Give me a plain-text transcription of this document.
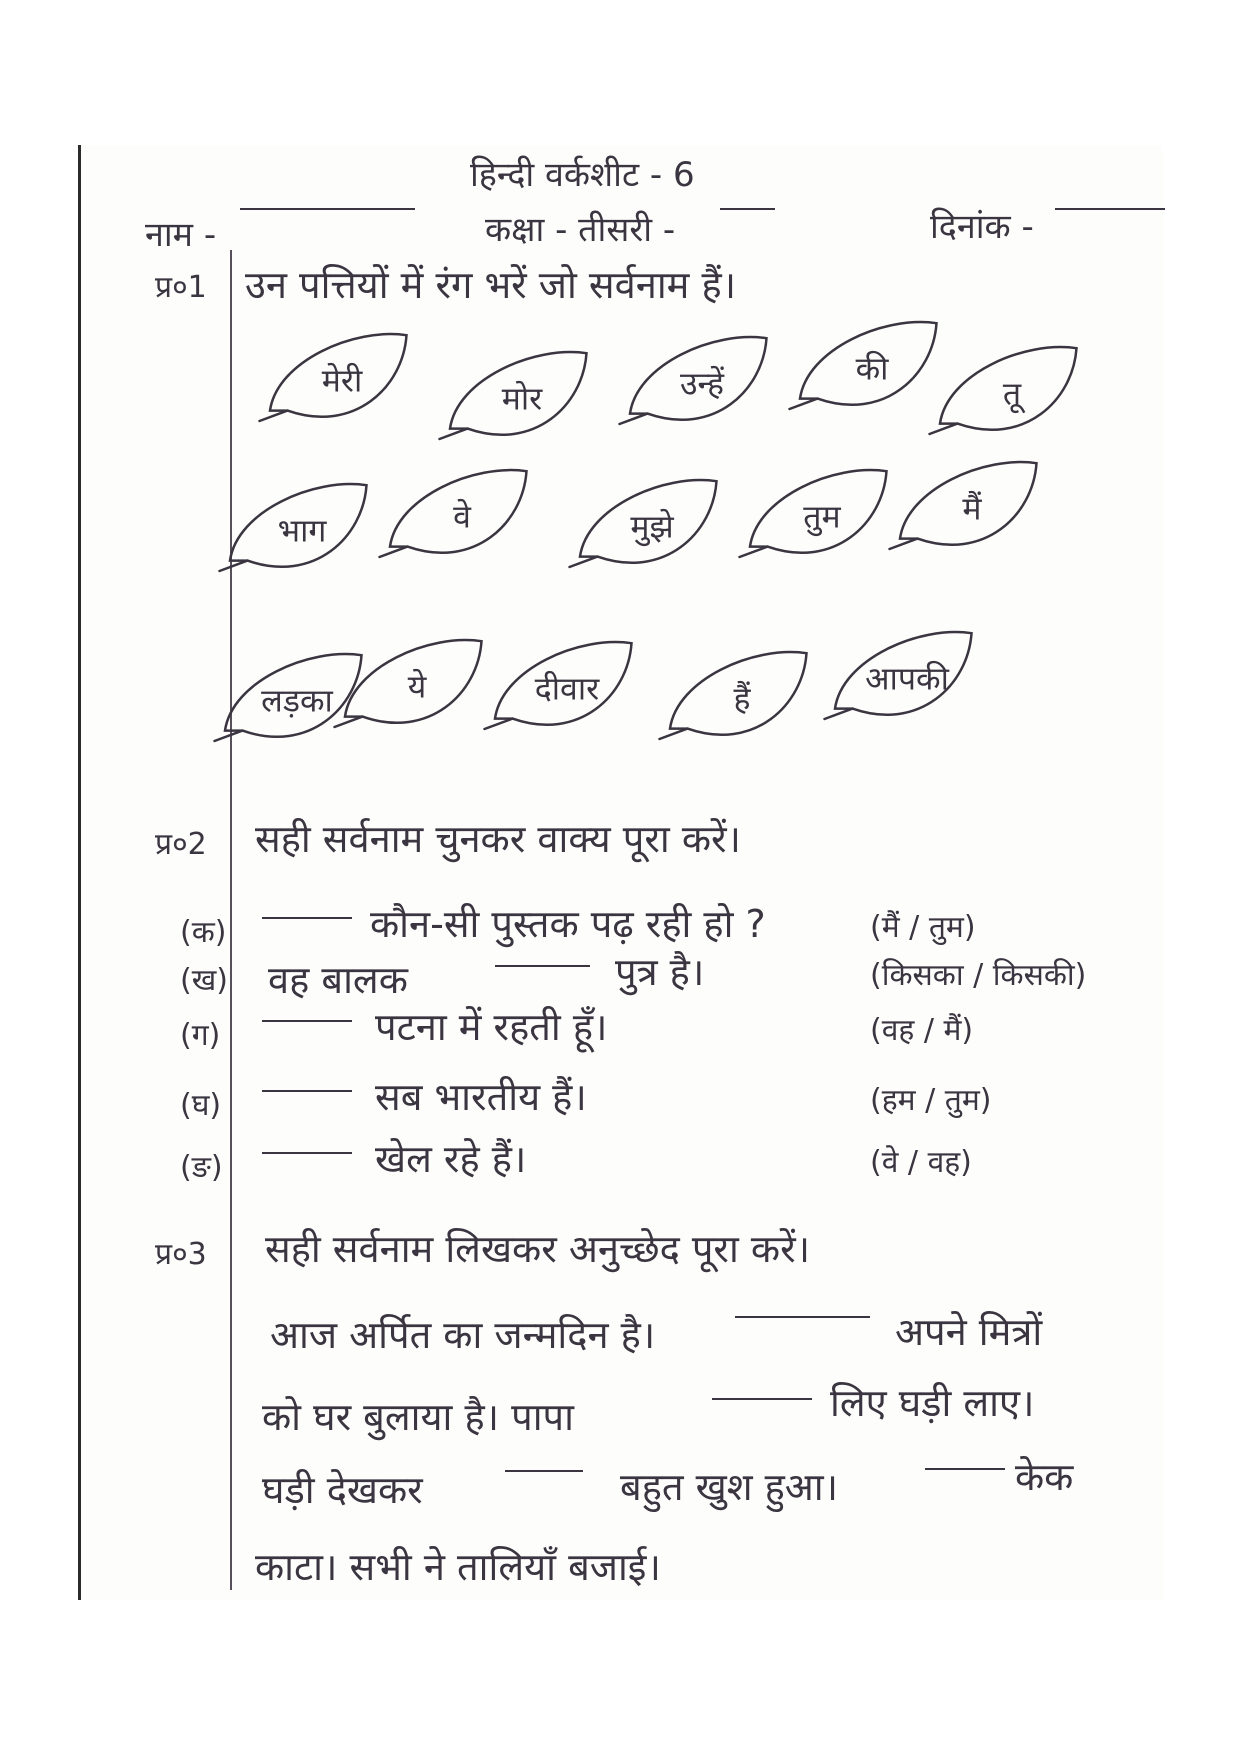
हिन्दी वर्कशीट - 6
नाम -	कक्षा - तीसरी -	दिनांक -
प्र०1 उन पत्तियों में रंग भरें जो सर्वनाम हैं।
मेरी	मोर	उन्हें	की
तू
भाग	वे	मुझे	तुम	मैं
लड़का ये	दीवार	हैं
आपकी
प्र०2 सही सर्वनाम चुनकर वाक्य पूरा करें।
(क)	कौन-सी पुस्तक पढ़ रही हो ?	(मैं / तुम)
(ख) वह बालक	पुत्र है।	(किसका / किसकी)
(ग)	पटना में रहती हूँ।	(वह / मैं)
(घ)	सब भारतीय हैं।	(हम / तुम)
(ङ)	खेल रहे हैं।	(वे / वह)
प्र०3 सही सर्वनाम लिखकर अनुच्छेद पूरा करें।
आज अर्पित का जन्मदिन है।	अपने मित्रों
को घर बुलाया है। पापा	लिए घड़ी लाए।
घड़ी देखकर	बहुत खुश हुआ।	केक
काटा। सभी ने तालियाँ बजाई।
